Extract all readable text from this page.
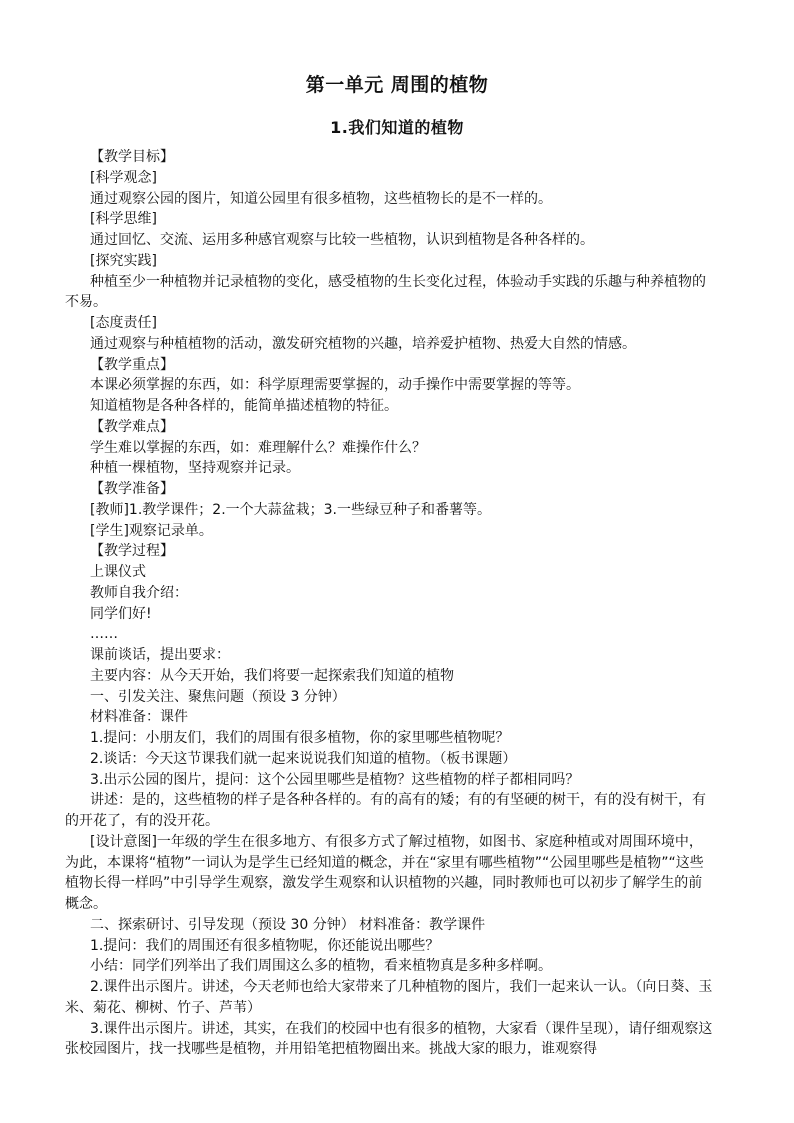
第一单元 周围的植物
1.我们知道的植物

【教学目标】

[科学观念]

通过观察公园的图片，知道公园里有很多植物，这些植物长的是不一样的。

[科学思维]

通过回忆、交流、运用多种感官观察与比较一些植物，认识到植物是各种各样的。

[探究实践]

种植至少一种植物并记录植物的变化，感受植物的生长变化过程，体验动手实践的乐趣与种养植物的不易。

[态度责任]

通过观察与种植植物的活动，激发研究植物的兴趣，培养爱护植物、热爱大自然的情感。

【教学重点】

本课必须掌握的东西，如：科学原理需要掌握的，动手操作中需要掌握的等等。

知道植物是各种各样的，能简单描述植物的特征。

【教学难点】

学生难以掌握的东西，如：难理解什么？难操作什么？

种植一棵植物，坚持观察并记录。

【教学准备】

[教师]1.教学课件；2.一个大蒜盆栽；3.一些绿豆种子和番薯等。

[学生]观察记录单。

【教学过程】

上课仪式

教师自我介绍：

同学们好!

……

课前谈话，提出要求：

主要内容：从今天开始，我们将要一起探索我们知道的植物

一、引发关注、聚焦问题（预设 3 分钟）

材料准备：课件

1.提问：小朋友们，我们的周围有很多植物，你的家里哪些植物呢？

2.谈话：今天这节课我们就一起来说说我们知道的植物。（板书课题）

3.出示公园的图片，提问：这个公园里哪些是植物？这些植物的样子都相同吗？

讲述：是的，这些植物的样子是各种各样的。有的高有的矮；有的有坚硬的树干，有的没有树干，有的开花了，有的没开花。

[设计意图]一年级的学生在很多地方、有很多方式了解过植物，如图书、家庭种植或对周围环境中，为此，本课将“植物”一词认为是学生已经知道的概念，并在“家里有哪些植物”“公园里哪些是植物”“这些植物长得一样吗”中引导学生观察，激发学生观察和认识植物的兴趣，同时教师也可以初步了解学生的前概念。

二、探索研讨、引导发现（预设 30 分钟） 材料准备：教学课件

1.提问：我们的周围还有很多植物呢，你还能说出哪些？

小结：同学们列举出了我们周围这么多的植物，看来植物真是多种多样啊。

2.课件出示图片。讲述，今天老师也给大家带来了几种植物的图片，我们一起来认一认。（向日葵、玉米、菊花、柳树、竹子、芦苇）

3.课件出示图片。讲述，其实，在我们的校园中也有很多的植物，大家看（课件呈现），请仔细观察这张校园图片，找一找哪些是植物，并用铅笔把植物圈出来。挑战大家的眼力，谁观察得
